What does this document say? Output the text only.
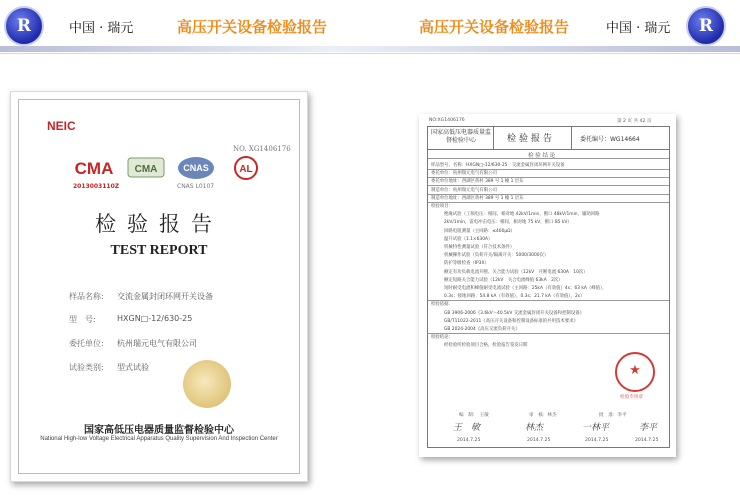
R	中国 · 瑞元	高压开关设备检验报告	高压开关设备检验报告	中国 · 瑞元	R
NEIC
NO. XG1406176
CMA CMA	CNAS	AL
2013003110Z	CNAS L0107
检验报告
TEST REPORT
样品名称: 交流金属封闭环网开关设备
型　号:	HXGN□-12/630-25
委托单位: 杭州瑞元电气有限公司
试验类别: 型式试验
国家高低压电器质量监督检验中心
National High-low Voltage Electrical Apparatus Quality Supervision And Inspection Center
NO:XG1406176	第 2 页 共 42 页
国家高低压电器质量监督检验中心	检验报告	委托编号：WG14664
检 验 结 论
样品型号、名称：HXGN□-12/630-25　交流金属封闭环网开关设备
委托单位：杭州瑞元电气有限公司
委托单位地址：西湖区蒋村 389 号 1 幢 1 层东
制造单位：杭州瑞元电气有限公司
制造单位地址：西湖区蒋村 389 号 1 幢 1 层东
检验项目：
绝缘试验（工频电压：相间、相对地 42kV/1min，断口 48kV/1min，辅助回路
2kV/1min，雷电冲击电压：相间、相对地 75 kV，断口 85 kV）
回路电阻测量（主回路：≤400μΩ）
温升试验（1.1×630A）
机械特性测量试验（符合技术条件）
机械操作试验（负荷开关/隔离开关：5000/3000次）
防护等级检查（IP3X）
额定有功负载电流开断、关合能力试验（12kV　开断电流 630A　10次）
额定短路关合能力试验（12kV　关合电流峰值 63kA　2次）
短时耐受电流和峰值耐受电流试验（主回路：25kA（有效值）4s；63 kA（峰值），
0.3s；接地回路：54.8 kA（有效值），0.3s；21.7 kA（有效值），2s）
检验依据：
GB 3906-2006《3.6kV～40.5kV 交流金属封闭开关设备和控制设备》
GB/T11022-2011《高压开关设备和控制设备标准的共用技术要求》
GB 2024-2004《高压交流负荷开关》
检验结论：
经检验所检验项目合格，检验报告签发日期
★
检验专用章
编　制：　王敏	审　核：林杰	批　准：李平
王　敏	林杰	一林平	李平
2014.7.25	2014.7.25	2014.7.25	2014.7.25
